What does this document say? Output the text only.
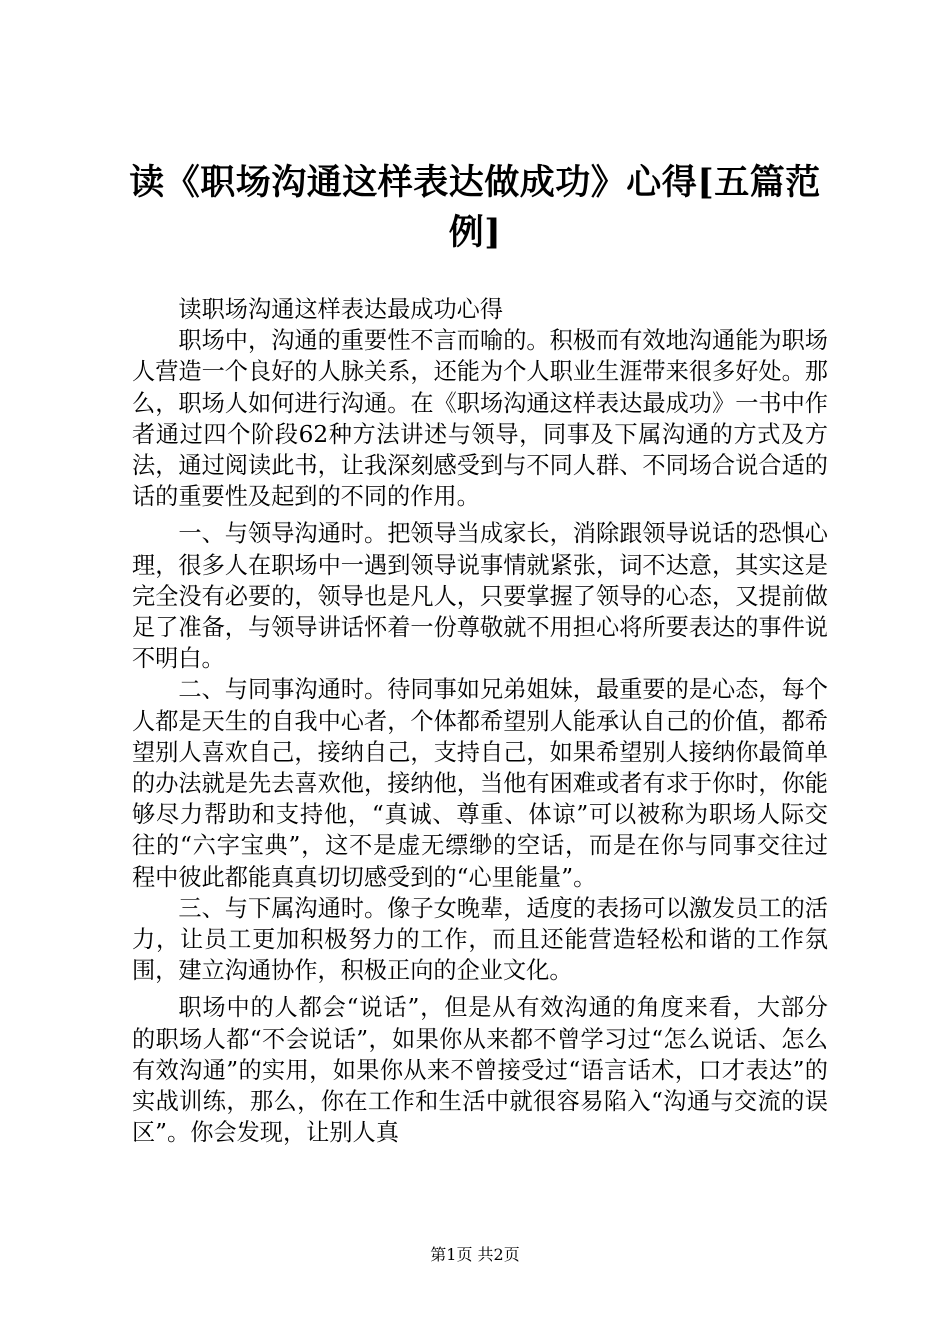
读《职场沟通这样表达做成功》心得[五篇范例]

读职场沟通这样表达最成功心得

职场中，沟通的重要性不言而喻的。积极而有效地沟通能为职场人营造一个良好的人脉关系，还能为个人职业生涯带来很多好处。那么，职场人如何进行沟通。在《职场沟通这样表达最成功》一书中作者通过四个阶段62种方法讲述与领导，同事及下属沟通的方式及方法，通过阅读此书，让我深刻感受到与不同人群、不同场合说合适的话的重要性及起到的不同的作用。

一、与领导沟通时。把领导当成家长，消除跟领导说话的恐惧心理，很多人在职场中一遇到领导说事情就紧张，词不达意，其实这是完全没有必要的，领导也是凡人，只要掌握了领导的心态，又提前做足了准备，与领导讲话怀着一份尊敬就不用担心将所要表达的事件说不明白。

二、与同事沟通时。待同事如兄弟姐妹，最重要的是心态，每个人都是天生的自我中心者，个体都希望别人能承认自己的价值，都希望别人喜欢自己，接纳自己，支持自己，如果希望别人接纳你最简单的办法就是先去喜欢他，接纳他，当他有困难或者有求于你时，你能够尽力帮助和支持他，“真诚、尊重、体谅”可以被称为职场人际交往的“六字宝典”，这不是虚无缥缈的空话，而是在你与同事交往过程中彼此都能真真切切感受到的“心里能量”。

三、与下属沟通时。像子女晚辈，适度的表扬可以激发员工的活力，让员工更加积极努力的工作，而且还能营造轻松和谐的工作氛围，建立沟通协作，积极正向的企业文化。

职场中的人都会“说话”，但是从有效沟通的角度来看，大部分的职场人都“不会说话”，如果你从来都不曾学习过“怎么说话、怎么有效沟通”的实用，如果你从来不曾接受过“语言话术，口才表达”的实战训练，那么，你在工作和生活中就很容易陷入“沟通与交流的误区”。你会发现，让别人真

第1页 共2页
